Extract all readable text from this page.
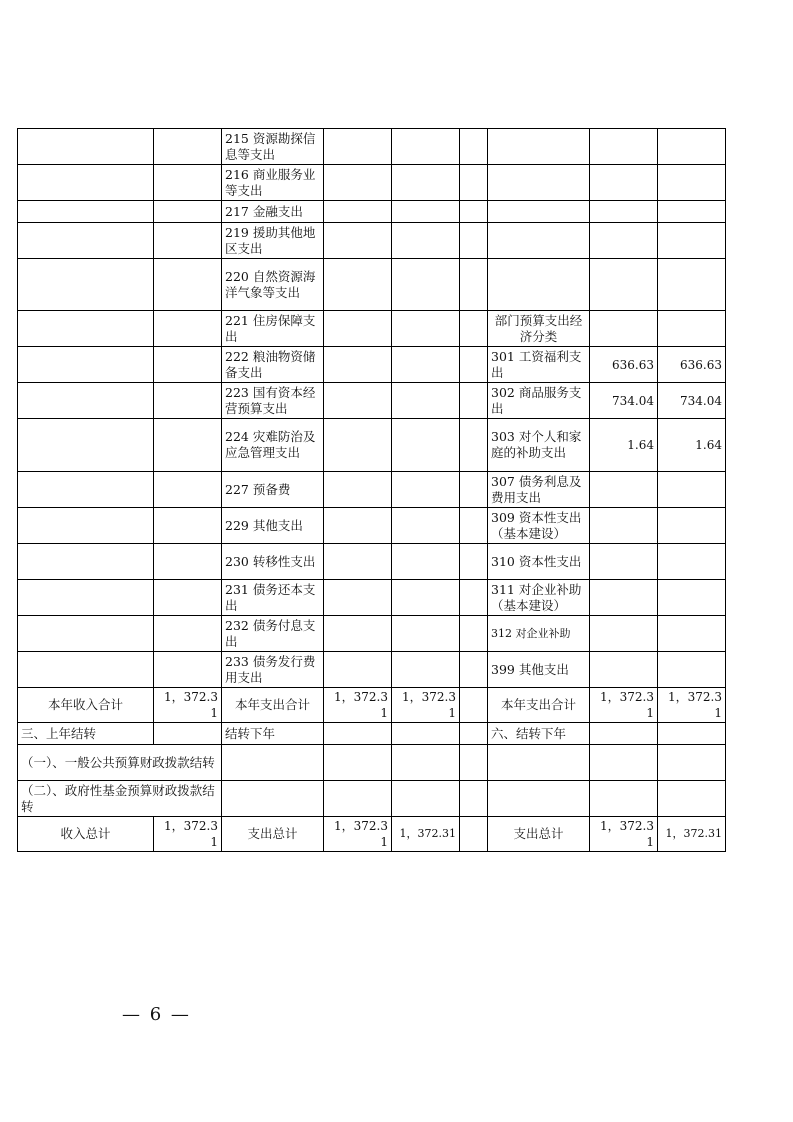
		215 资源勘探信息等支出						
		216 商业服务业等支出						
		217 金融支出						
		219 援助其他地区支出						
		220 自然资源海洋气象等支出						
		221 住房保障支出				部门预算支出经济分类		
		222 粮油物资储备支出				301 工资福利支出	636.63	636.63
		223 国有资本经营预算支出				302 商品服务支出	734.04	734.04
		224 灾难防治及应急管理支出				303 对个人和家庭的补助支出	1.64	1.64
		227 预备费				307 债务利息及费用支出		
		229 其他支出				309 资本性支出（基本建设）		
		230 转移性支出				310 资本性支出		
		231 债务还本支出				311 对企业补助（基本建设）		
		232 债务付息支出				312 对企业补助		
		233 债务发行费用支出				399 其他支出		
本年收入合计	1，372.31	本年支出合计	1，372.31	1，372.31		本年支出合计	1，372.31	1，372.31
三、上年结转		结转下年				六、结转下年		
（一）、一般公共预算财政拨款结转								
（二）、政府性基金预算财政拨款结转								
收入总计	1，372.31	支出总计	1，372.31	1，372.31		支出总计	1，372.31	1，372.31
— 6 —
